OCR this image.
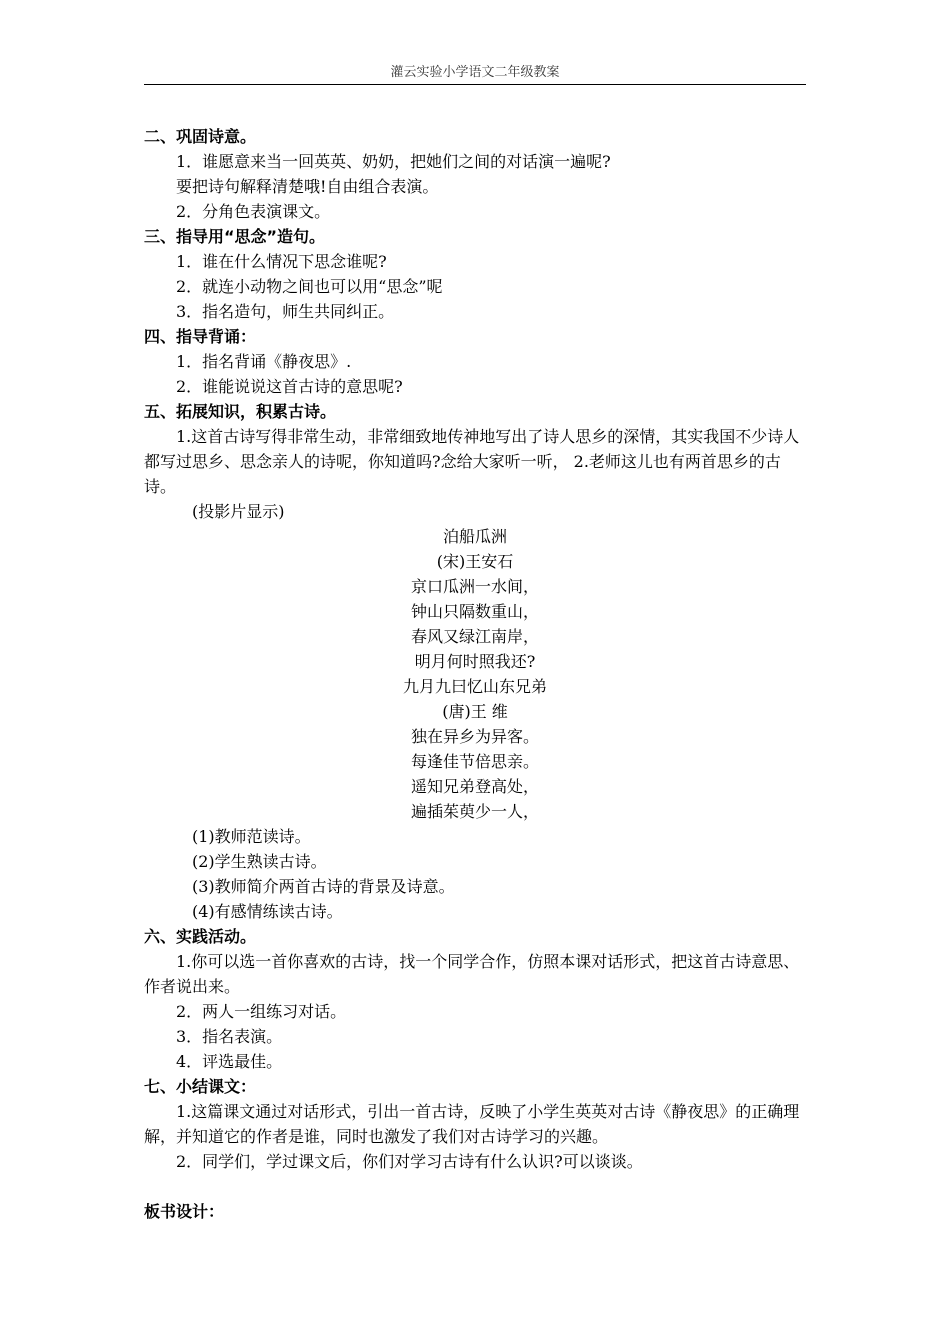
灌云实验小学语文二年级教案
二、巩固诗意。
1．谁愿意来当一回英英、奶奶，把她们之间的对话演一遍呢?
要把诗句解释清楚哦!自由组合表演。
2．分角色表演课文。
三、指导用“思念”造句。
1．谁在什么情况下思念谁呢?
2．就连小动物之间也可以用“思念”呢
3．指名造句，师生共同纠正。
四、指导背诵：
1．指名背诵《静夜思》.
2．谁能说说这首古诗的意思呢?
五、拓展知识，积累古诗。

1.这首古诗写得非常生动，非常细致地传神地写出了诗人思乡的深情，其实我国不少诗人都写过思乡、思念亲人的诗呢，你知道吗?念给大家听一听， 2.老师这儿也有两首思乡的古诗。

(投影片显示)
泊船瓜洲
(宋)王安石
京口瓜洲一水间，
钟山只隔数重山，
春风又绿江南岸，
明月何时照我还?
九月九曰忆山东兄弟
(唐)王 维
独在异乡为异客。
每逢佳节倍思亲。
遥知兄弟登高处，
遍插茱萸少一人，
(1)教师范读诗。
(2)学生熟读古诗。
(3)教师简介两首古诗的背景及诗意。
(4)有感情练读古诗。
六、实践活动。

1.你可以选一首你喜欢的古诗，找一个同学合作，仿照本课对话形式，把这首古诗意思、作者说出来。

2．两人一组练习对话。
3．指名表演。
4．评选最佳。
七、小结课文：

1.这篇课文通过对话形式，引出一首古诗，反映了小学生英英对古诗《静夜思》的正确理解，并知道它的作者是谁，同时也激发了我们对古诗学习的兴趣。

2．同学们，学过课文后，你们对学习古诗有什么认识?可以谈谈。
板书设计：
